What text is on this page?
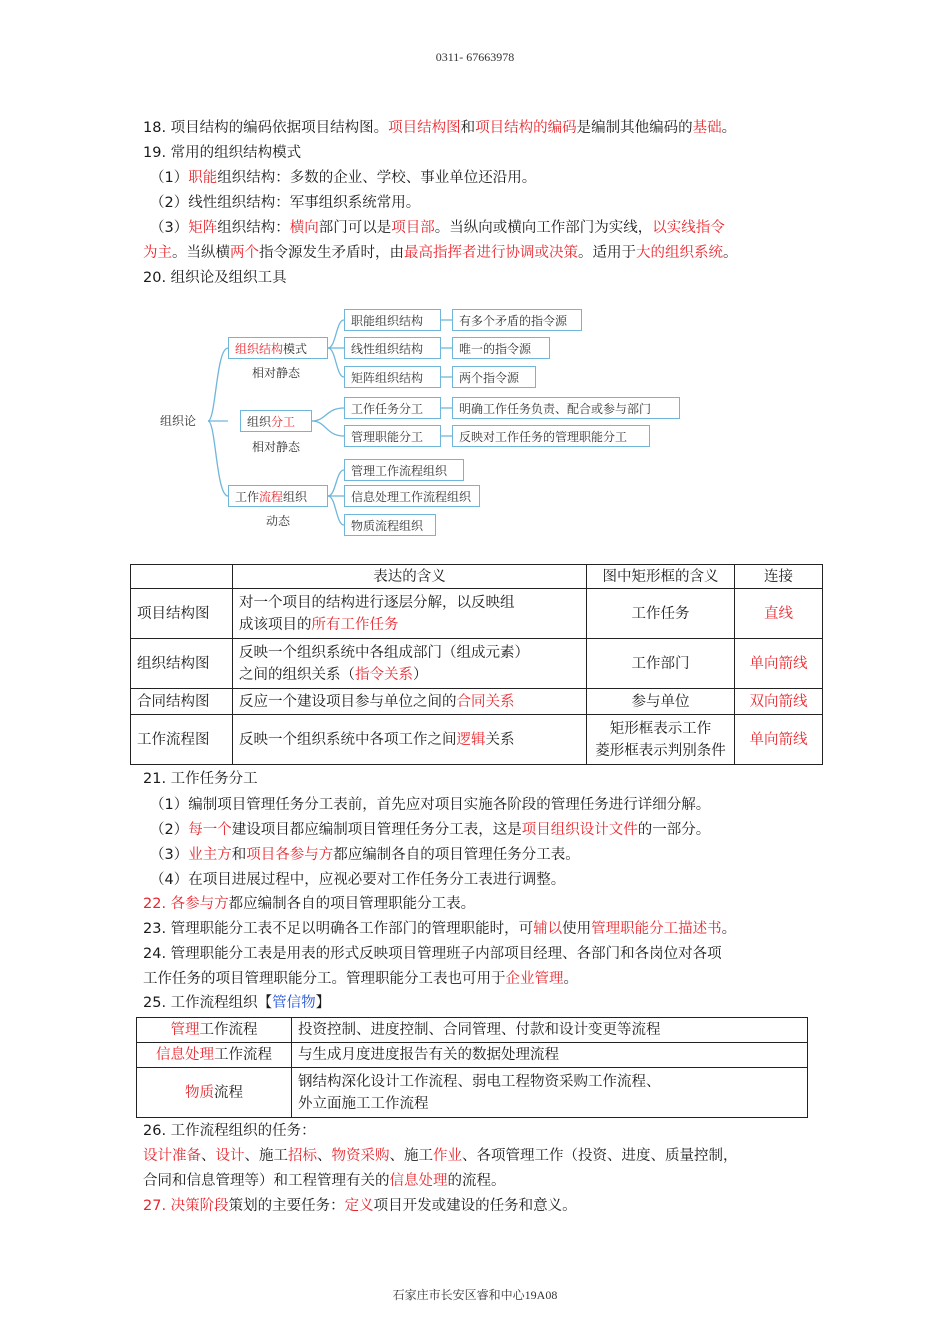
0311- 67663978
18. 项目结构的编码依据项目结构图。项目结构图和项目结构的编码是编制其他编码的基础。
19. 常用的组织结构模式
（1）职能组织结构：多数的企业、学校、事业单位还沿用。
（2）线性组织结构：军事组织系统常用。
（3）矩阵组织结构：横向部门可以是项目部。当纵向或横向工作部门为实线，以实线指令
为主。当纵横两个指令源发生矛盾时，由最高指挥者进行协调或决策。适用于大的组织系统。
20. 组织论及组织工具
组织论
组织结构模式
相对静态
组织分工
相对静态
工作流程组织
动态
职能组织结构
线性组织结构
矩阵组织结构
有多个矛盾的指令源
唯一的指令源
两个指令源
工作任务分工
管理职能分工
明确工作任务负责、配合或参与部门
反映对工作任务的管理职能分工
管理工作流程组织
信息处理工作流程组织
物质流程组织
	表达的含义	图中矩形框的含义	连接
项目结构图	对一个项目的结构进行逐层分解，以反映组
成该项目的所有工作任务	工作任务	直线
组织结构图	反映一个组织系统中各组成部门（组成元素）
之间的组织关系（指令关系）	工作部门	单向箭线
合同结构图	反应一个建设项目参与单位之间的合同关系	参与单位	双向箭线
工作流程图	反映一个组织系统中各项工作之间逻辑关系	矩形框表示工作
菱形框表示判别条件	单向箭线
21. 工作任务分工
（1）编制项目管理任务分工表前，首先应对项目实施各阶段的管理任务进行详细分解。
（2）每一个建设项目都应编制项目管理任务分工表，这是项目组织设计文件的一部分。
（3）业主方和项目各参与方都应编制各自的项目管理任务分工表。
（4）在项目进展过程中，应视必要对工作任务分工表进行调整。
22. 各参与方都应编制各自的项目管理职能分工表。
23. 管理职能分工表不足以明确各工作部门的管理职能时，可辅以使用管理职能分工描述书。
24. 管理职能分工表是用表的形式反映项目管理班子内部项目经理、各部门和各岗位对各项
工作任务的项目管理职能分工。管理职能分工表也可用于企业管理。
25. 工作流程组织【管信物】
管理工作流程	投资控制、进度控制、合同管理、付款和设计变更等流程
信息处理工作流程	与生成月度进度报告有关的数据处理流程
物质流程	钢结构深化设计工作流程、弱电工程物资采购工作流程、
外立面施工工作流程
26. 工作流程组织的任务：
设计准备、设计、施工招标、物资采购、施工作业、各项管理工作（投资、进度、质量控制，
合同和信息管理等）和工程管理有关的信息处理的流程。
27. 决策阶段策划的主要任务：定义项目开发或建设的任务和意义。
石家庄市长安区睿和中心19A08
